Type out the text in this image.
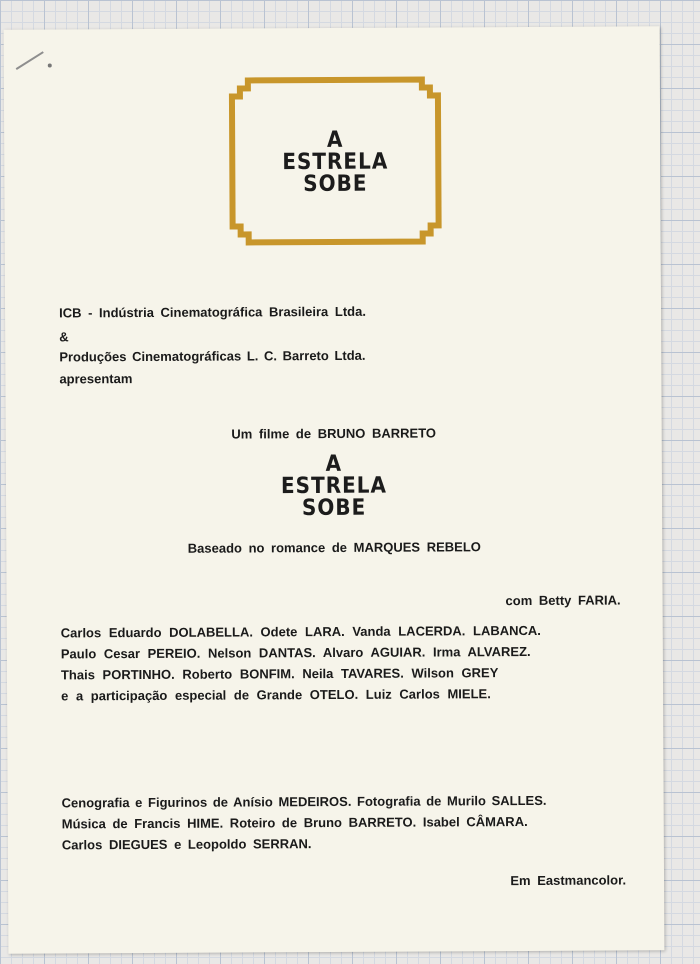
A
ESTRELA
SOBE
ICB - Indústria Cinematográfica Brasileira Ltda.
&
Produções Cinematográficas L. C. Barreto Ltda.
apresentam
Um filme de BRUNO BARRETO
A
ESTRELA
SOBE
Baseado no romance de MARQUES REBELO
com Betty FARIA.
Carlos Eduardo DOLABELLA. Odete LARA. Vanda LACERDA. LABANCA.
Paulo Cesar PEREIO. Nelson DANTAS. Alvaro AGUIAR. Irma ALVAREZ.
Thais PORTINHO. Roberto BONFIM. Neila TAVARES. Wilson GREY
e a participação especial de Grande OTELO. Luiz Carlos MIELE.
Cenografia e Figurinos de Anísio MEDEIROS. Fotografia de Murilo SALLES.
Música de Francis HIME. Roteiro de Bruno BARRETO. Isabel CÂMARA.
Carlos DIEGUES e Leopoldo SERRAN.
Em Eastmancolor.
